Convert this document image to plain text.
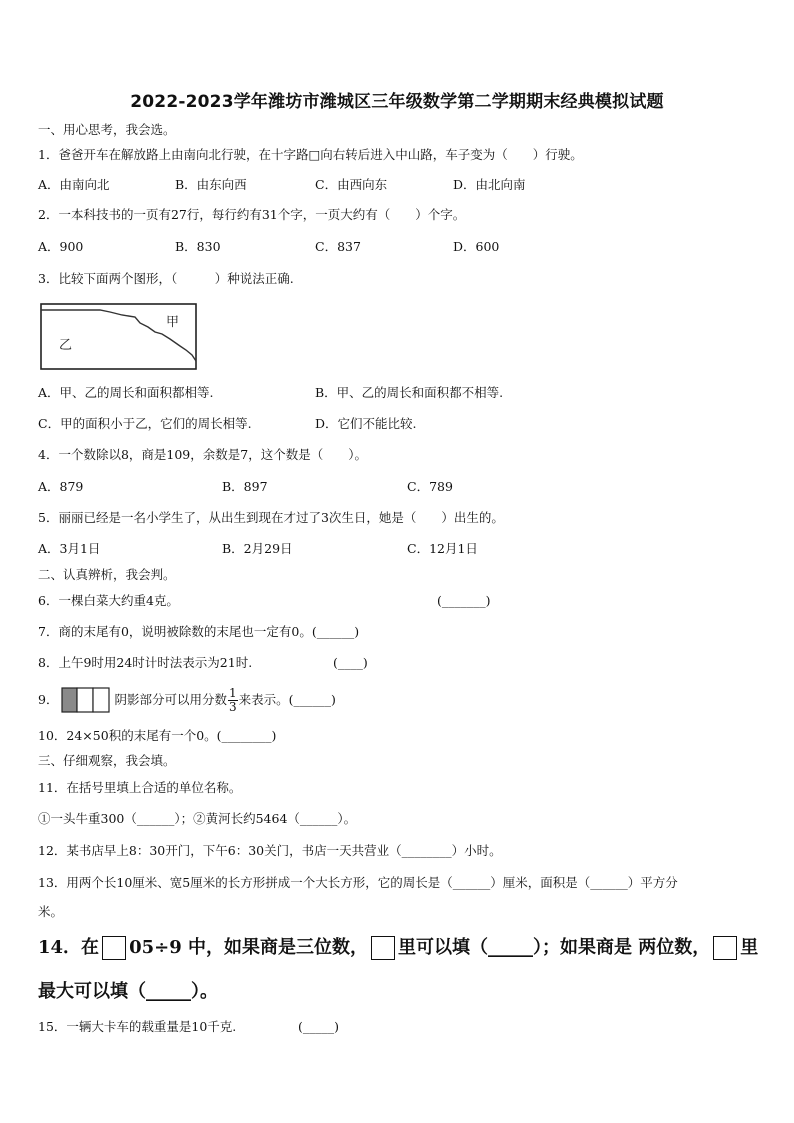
2022-2023学年潍坊市潍城区三年级数学第二学期期末经典模拟试题
一、用心思考，我会选。
1．爸爸开车在解放路上由南向北行驶，在十字路□向右转后进入中山路，车子变为（　　）行驶。
A．由南向北	B．由东向西	C．由西向东	D．由北向南
2．一本科技书的一页有27行，每行约有31个字，一页大约有（　　）个字。
A．900	B．830	C．837	D．600
3．比较下面两个图形，（　　　）种说法正确.
甲
乙
A．甲、乙的周长和面积都相等.	B．甲、乙的周长和面积都不相等.
C．甲的面积小于乙，它们的周长相等.	D．它们不能比较.
4．一个数除以8，商是109，余数是7，这个数是（　　）。
A．879	B．897	C．789
5．丽丽已经是一名小学生了，从出生到现在才过了3次生日，她是（　　）出生的。
A．3月1日	B．2月29日	C．12月1日
二、认真辨析，我会判。
6．一棵白菜大约重4克。	(_______)
7．商的末尾有0，说明被除数的末尾也一定有0。(______)
8．上午9时用24时计时法表示为21时.	(____)
9．	阴影部分可以用分数 $\frac{1}{3}$ 来表示。(______)
10．24×50积的末尾有一个0。(________)
三、仔细观察，我会填。
11．在括号里填上合适的单位名称。
①一头牛重300（______）；②黄河长约5464（______）。
12．某书店早上8：30开门，下午6：30关门，书店一天共营业（________）小时。
13．用两个长10厘米、宽5厘米的长方形拼成一个大长方形，它的周长是（______）厘米，面积是（______）平方分
米。
14．在 05÷9 中，如果商是三位数， 里可以填（_____）；如果商是 两位数， 里
最大可以填（_____）。
15．一辆大卡车的载重量是10千克.	(_____)
